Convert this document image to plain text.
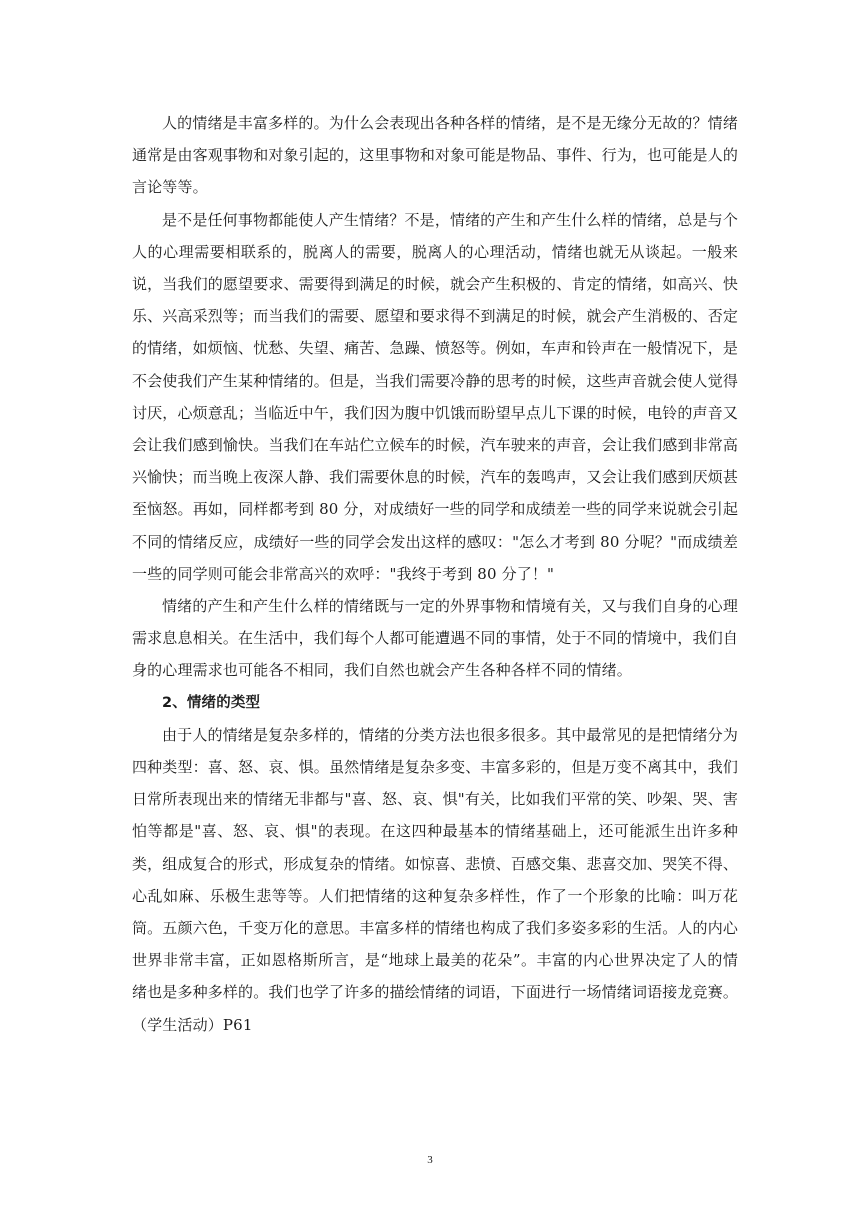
人的情绪是丰富多样的。为什么会表现出各种各样的情绪，是不是无缘分无故的？情绪通常是由客观事物和对象引起的，这里事物和对象可能是物品、事件、行为，也可能是人的言论等等。

是不是任何事物都能使人产生情绪？不是，情绪的产生和产生什么样的情绪，总是与个人的心理需要相联系的，脱离人的需要，脱离人的心理活动，情绪也就无从谈起。一般来说，当我们的愿望要求、需要得到满足的时候，就会产生积极的、肯定的情绪，如高兴、快乐、兴高采烈等；而当我们的需要、愿望和要求得不到满足的时候，就会产生消极的、否定的情绪，如烦恼、忧愁、失望、痛苦、急躁、愤怒等。例如，车声和铃声在一般情况下，是不会使我们产生某种情绪的。但是，当我们需要冷静的思考的时候，这些声音就会使人觉得讨厌，心烦意乱；当临近中午，我们因为腹中饥饿而盼望早点儿下课的时候，电铃的声音又会让我们感到愉快。当我们在车站伫立候车的时候，汽车驶来的声音，会让我们感到非常高兴愉快；而当晚上夜深人静、我们需要休息的时候，汽车的轰鸣声，又会让我们感到厌烦甚至恼怒。再如，同样都考到 80 分，对成绩好一些的同学和成绩差一些的同学来说就会引起不同的情绪反应，成绩好一些的同学会发出这样的感叹："怎么才考到 80 分呢？"而成绩差一些的同学则可能会非常高兴的欢呼："我终于考到 80 分了！"

情绪的产生和产生什么样的情绪既与一定的外界事物和情境有关，又与我们自身的心理需求息息相关。在生活中，我们每个人都可能遭遇不同的事情，处于不同的情境中，我们自身的心理需求也可能各不相同，我们自然也就会产生各种各样不同的情绪。

2、情绪的类型

由于人的情绪是复杂多样的，情绪的分类方法也很多很多。其中最常见的是把情绪分为四种类型：喜、怒、哀、惧。虽然情绪是复杂多变、丰富多彩的，但是万变不离其中，我们日常所表现出来的情绪无非都与"喜、怒、哀、惧"有关，比如我们平常的笑、吵架、哭、害怕等都是"喜、怒、哀、惧"的表现。在这四种最基本的情绪基础上，还可能派生出许多种类，组成复合的形式，形成复杂的情绪。如惊喜、悲愤、百感交集、悲喜交加、哭笑不得、心乱如麻、乐极生悲等等。人们把情绪的这种复杂多样性，作了一个形象的比喻：叫万花筒。五颜六色，千变万化的意思。丰富多样的情绪也构成了我们多姿多彩的生活。人的内心世界非常丰富，正如恩格斯所言，是“地球上最美的花朵”。丰富的内心世界决定了人的情绪也是多种多样的。我们也学了许多的描绘情绪的词语，下面进行一场情绪词语接龙竞赛。（学生活动）P61

3
